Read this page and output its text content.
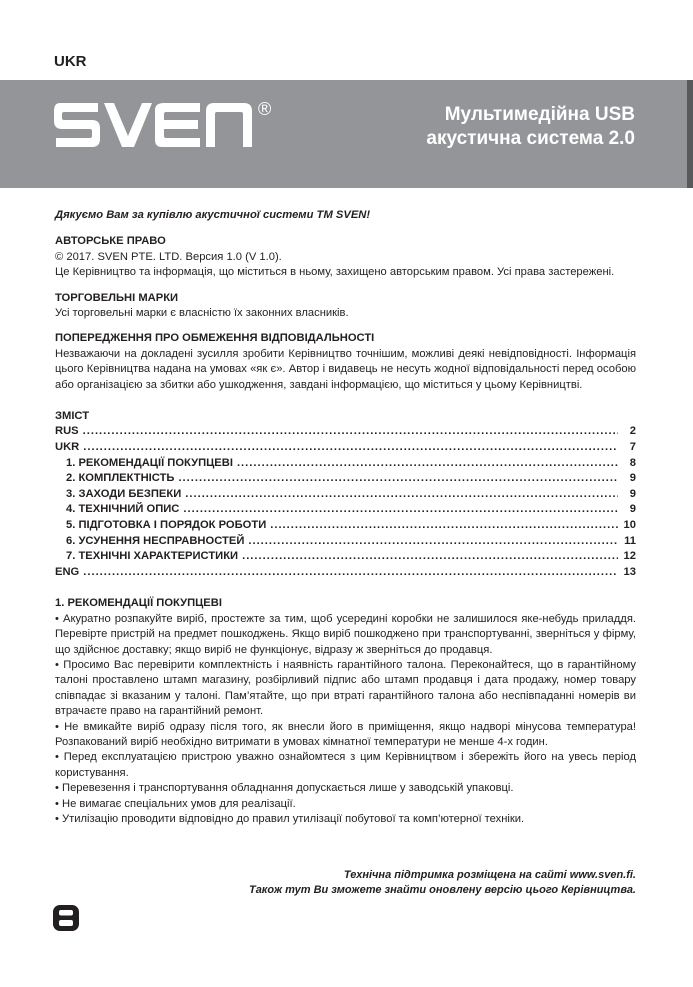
UKR
®	Мультимедійна USB
акустична система 2.0
Дякуємо Вам за купівлю акустичної системи ТМ SVEN!
АВТОРСЬКЕ ПРАВО

© 2017. SVEN PTE. LTD. Версия 1.0 (V 1.0).

Це Керівництво та інформація, що міститься в ньому, захищено авторським правом. Усі права застережені.

ТОРГОВЕЛЬНІ МАРКИ

Усі торговельні марки є власністю їх законних власників.

ПОПЕРЕДЖЕННЯ ПРО ОБМЕЖЕННЯ ВІДПОВІДАЛЬНОСТІ

Незважаючи на докладені зусилля зробити Керівництво точнішим, можливі деякі невідповідності. Інформація цього Керівництва надана на умовах «як є». Автор і видавець не несуть жодної відповідальності перед особою або організацією за збитки або ушкодження, завдані інформацією, що міститься у цьому Керівництві.

ЗМІСТ
RUS .....	2
UKR .....	7
1. РЕКОМЕНДАЦІЇ ПОКУПЦЕВІ .....	8
2. КОМПЛЕКТНІСТЬ .....	9
3. ЗАХОДИ БЕЗПЕКИ .....	9
4. ТЕХНІЧНИЙ ОПИС .....	9
5. ПІДГОТОВКА І ПОРЯДОК РОБОТИ .....	10
6. УСУНЕННЯ НЕСПРАВНОСТЕЙ .....	11
7. ТЕХНІЧНІ ХАРАКТЕРИСТИКИ .....	12
ENG .....	13
1. РЕКОМЕНДАЦІЇ ПОКУПЦЕВІ

• Акуратно розпакуйте виріб, простежте за тим, щоб усередині коробки не залишилося яке-небудь приладдя. Перевірте пристрій на предмет пошкоджень. Якщо виріб пошкоджено при транспортуванні, зверніться у фірму, що здійснює доставку; якщо виріб не функціонує, відразу ж зверніться до продавця.

• Просимо Вас перевірити комплектність і наявність гарантійного талона. Переконайтеся, що в гарантійному талоні проставлено штамп магазину, розбірливий підпис або штамп продавця і дата продажу, номер товару співпадає зі вказаним у талоні. Пам’ятайте, що при втраті гарантійного талона або неспівпаданні номерів ви втрачаєте право на гарантійний ремонт.

• Не вмикайте виріб одразу після того, як внесли його в приміщення, якщо надворі мінусова температура! Розпакований виріб необхідно витримати в умовах кімнатної температури не менше 4-х годин.

• Перед експлуатацією пристрою уважно ознайомтеся з цим Керівництвом і збережіть його на увесь період користування.

• Перевезення і транспортування обладнання допускається лише у заводській упаковці.

• Не вимагає спеціальних умов для реалізації.

• Утилізацію проводити відповідно до правил утилізації побутової та комп’ютерної техніки.

Технічна підтримка розміщена на сайті www.sven.fi.
Також тут Ви зможете знайти оновлену версію цього Керівництва.
8
